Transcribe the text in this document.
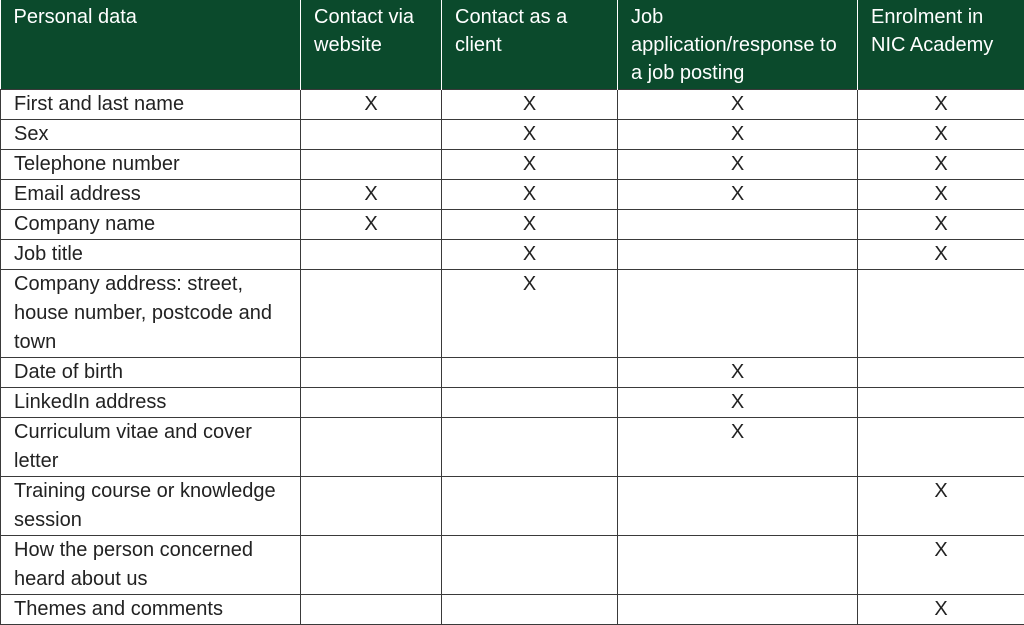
Personal data	Contact via website	Contact as a client	Job application/response to a job posting	Enrolment in NIC Academy
First and last name	X	X	X	X
Sex		X	X	X
Telephone number		X	X	X
Email address	X	X	X	X
Company name	X	X		X
Job title		X		X
Company address: street, house number, postcode and town		X		
Date of birth			X	
LinkedIn address			X	
Curriculum vitae and cover letter			X	
Training course or knowledge session				X
How the person concerned heard about us				X
Themes and comments				X
